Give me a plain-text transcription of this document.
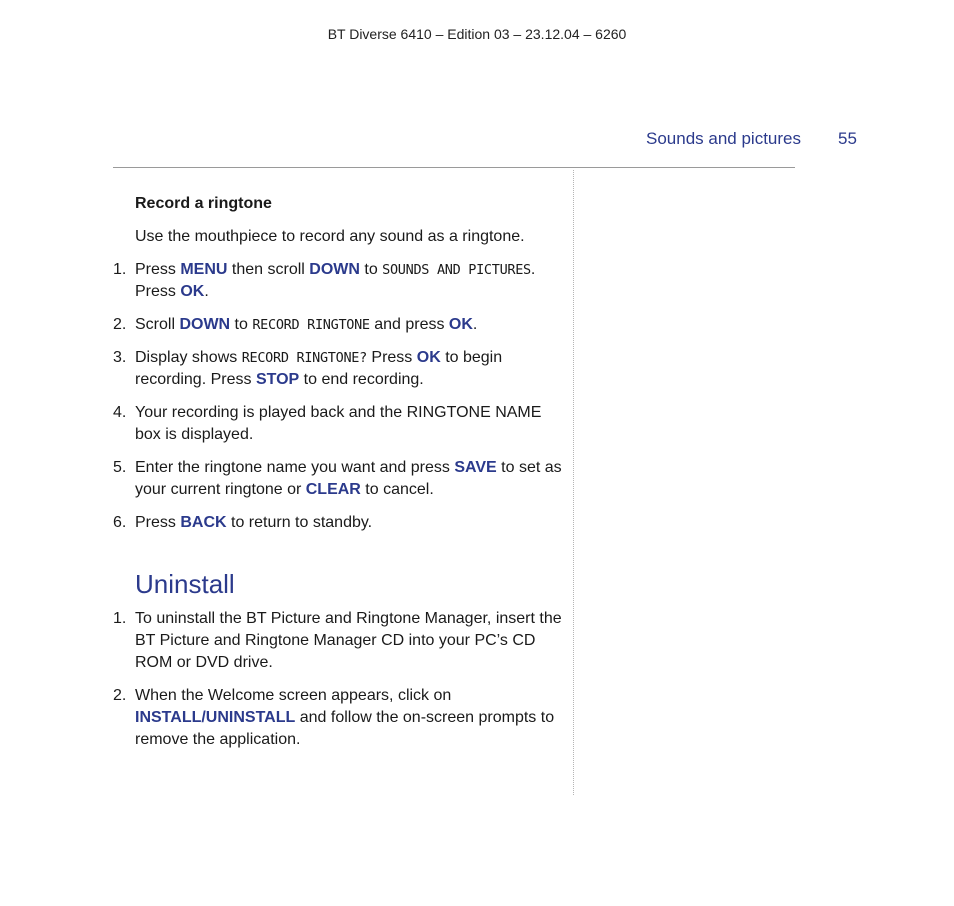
BT Diverse 6410 – Edition 03 – 23.12.04 – 6260
Sounds and pictures 55
Record a ringtone
Use the mouthpiece to record any sound as a ringtone.
1. Press MENU then scroll DOWN to SOUNDS AND PICTURES. Press OK.
2. Scroll DOWN to RECORD RINGTONE and press OK.
3. Display shows RECORD RINGTONE? Press OK to begin recording. Press STOP to end recording.
4. Your recording is played back and the RINGTONE NAME box is displayed.
5. Enter the ringtone name you want and press SAVE to set as your current ringtone or CLEAR to cancel.
6. Press BACK to return to standby.
Uninstall
1. To uninstall the BT Picture and Ringtone Manager, insert the BT Picture and Ringtone Manager CD into your PC’s CD ROM or DVD drive.
2. When the Welcome screen appears, click on INSTALL/UNINSTALL and follow the on-screen prompts to remove the application.
